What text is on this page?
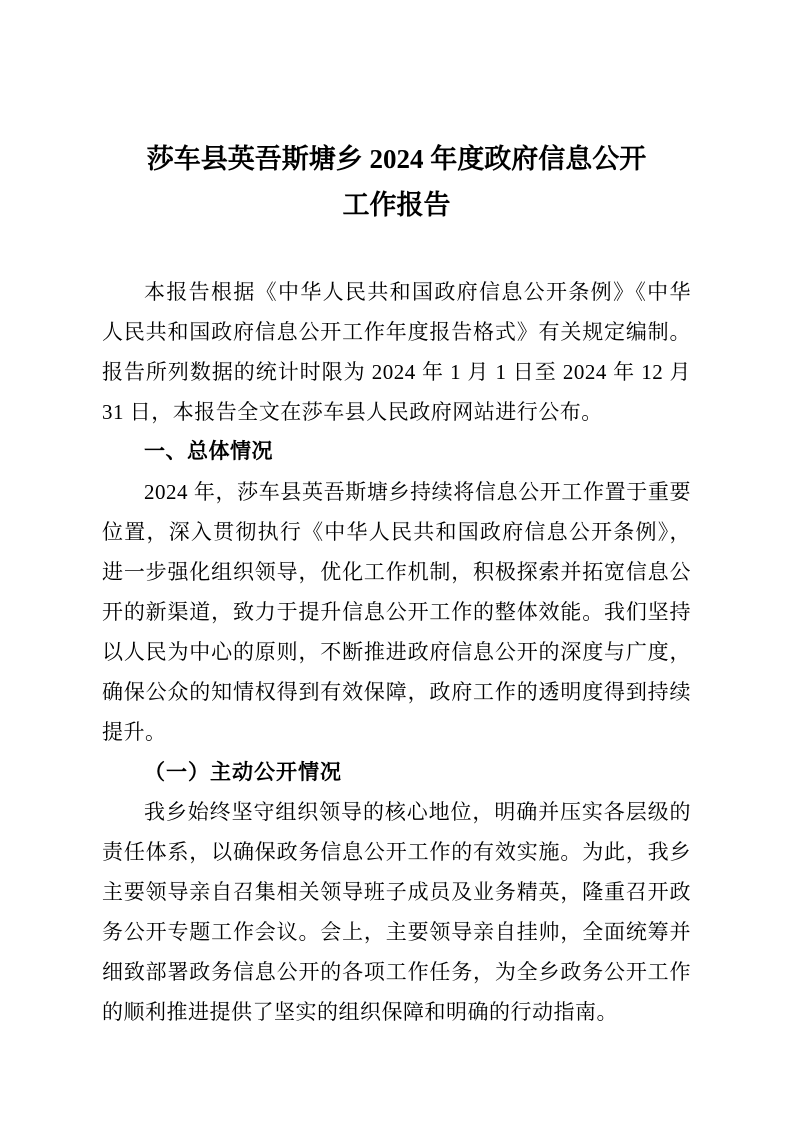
莎车县英吾斯塘乡 2024 年度政府信息公开
工作报告

本报告根据《中华人民共和国政府信息公开条例》《中华人民共和国政府信息公开工作年度报告格式》有关规定编制。报告所列数据的统计时限为 2024 年 1 月 1 日至 2024 年 12 月 31 日，本报告全文在莎车县人民政府网站进行公布。

一、总体情况

2024 年，莎车县英吾斯塘乡持续将信息公开工作置于重要位置，深入贯彻执行《中华人民共和国政府信息公开条例》，进一步强化组织领导，优化工作机制，积极探索并拓宽信息公开的新渠道，致力于提升信息公开工作的整体效能。我们坚持以人民为中心的原则，不断推进政府信息公开的深度与广度，确保公众的知情权得到有效保障，政府工作的透明度得到持续提升。

（一）主动公开情况

我乡始终坚守组织领导的核心地位，明确并压实各层级的责任体系，以确保政务信息公开工作的有效实施。为此，我乡主要领导亲自召集相关领导班子成员及业务精英，隆重召开政务公开专题工作会议。会上，主要领导亲自挂帅，全面统筹并细致部署政务信息公开的各项工作任务，为全乡政务公开工作的顺利推进提供了坚实的组织保障和明确的行动指南。
